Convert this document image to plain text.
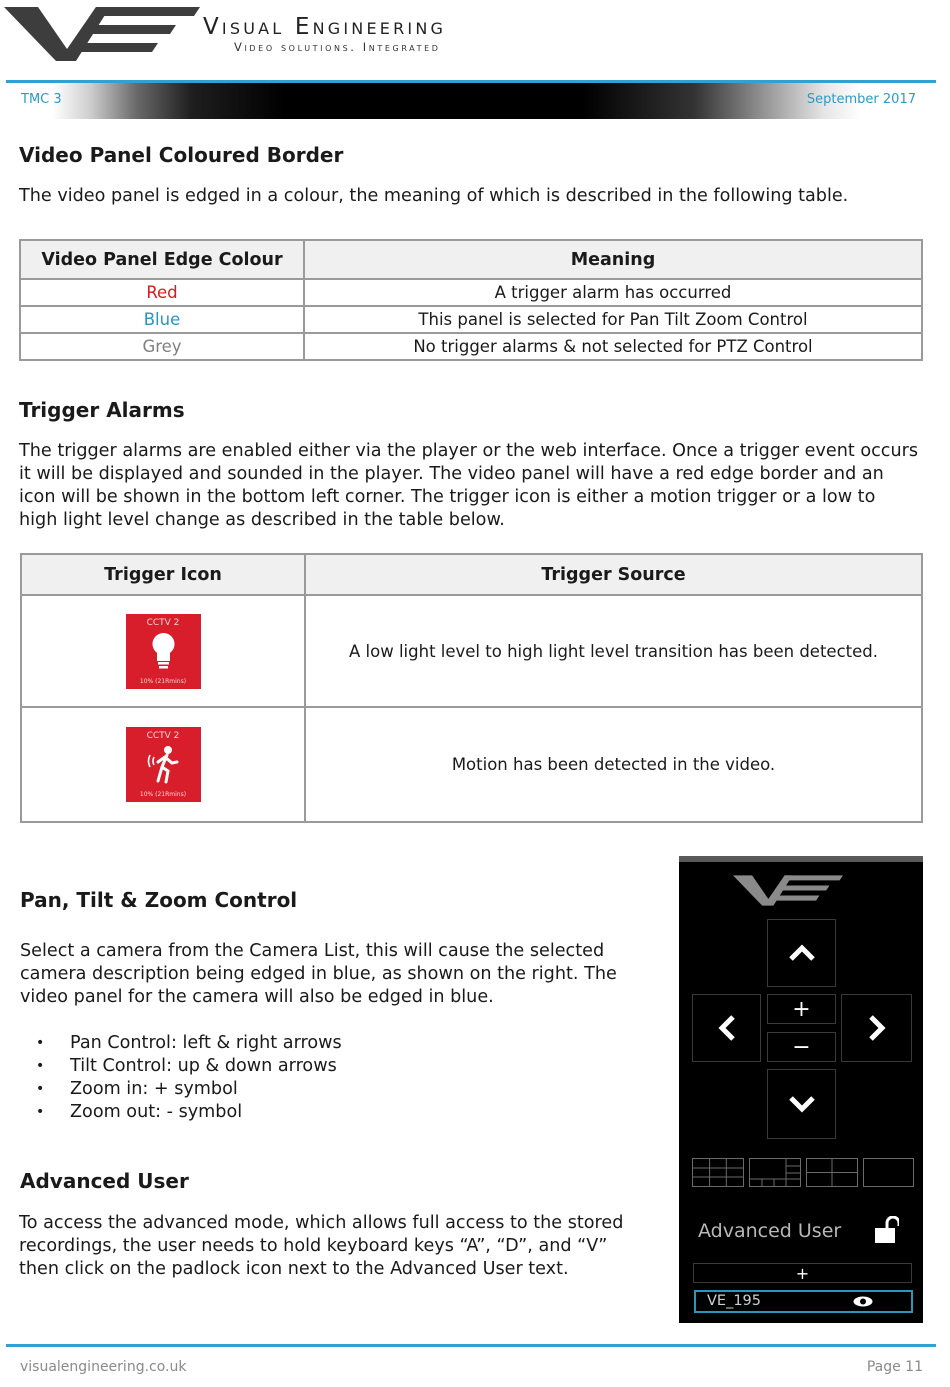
Visual Engineering
Video solutions. Integrated
TMC 3	September 2017
Video Panel Coloured Border
The video panel is edged in a colour, the meaning of which is described in the following table.
Video Panel Edge Colour	Meaning
Red	A trigger alarm has occurred
Blue	This panel is selected for Pan Tilt Zoom Control
Grey	No trigger alarms & not selected for PTZ Control
Trigger Alarms
The trigger alarms are enabled either via the player or the web interface. Once a trigger event occurs it will be displayed and sounded in the player. The video panel will have a red edge border and an icon will be shown in the bottom left corner. The trigger icon is either a motion trigger or a low to high light level change as described in the table below.
Trigger Icon	Trigger Source

CCTV 2
10% (21Rmins)	A low light level to high light level transition has been detected.

CCTV 2
10% (21Rmins)	Motion has been detected in the video.
Pan, Tilt & Zoom Control
Select a camera from the Camera List, this will cause the selected camera description being edged in blue, as shown on the right. The video panel for the camera will also be edged in blue.
• Pan Control: left & right arrows
• Tilt Control: up & down arrows
• Zoom in: + symbol
• Zoom out: - symbol
Advanced User
To access the advanced mode, which allows full access to the stored recordings, the user needs to hold keyboard keys “A”, “D”, and “V” then click on the padlock icon next to the Advanced User text.
+
−
Advanced User
+
VE_195
visualengineering.co.uk	Page 11
